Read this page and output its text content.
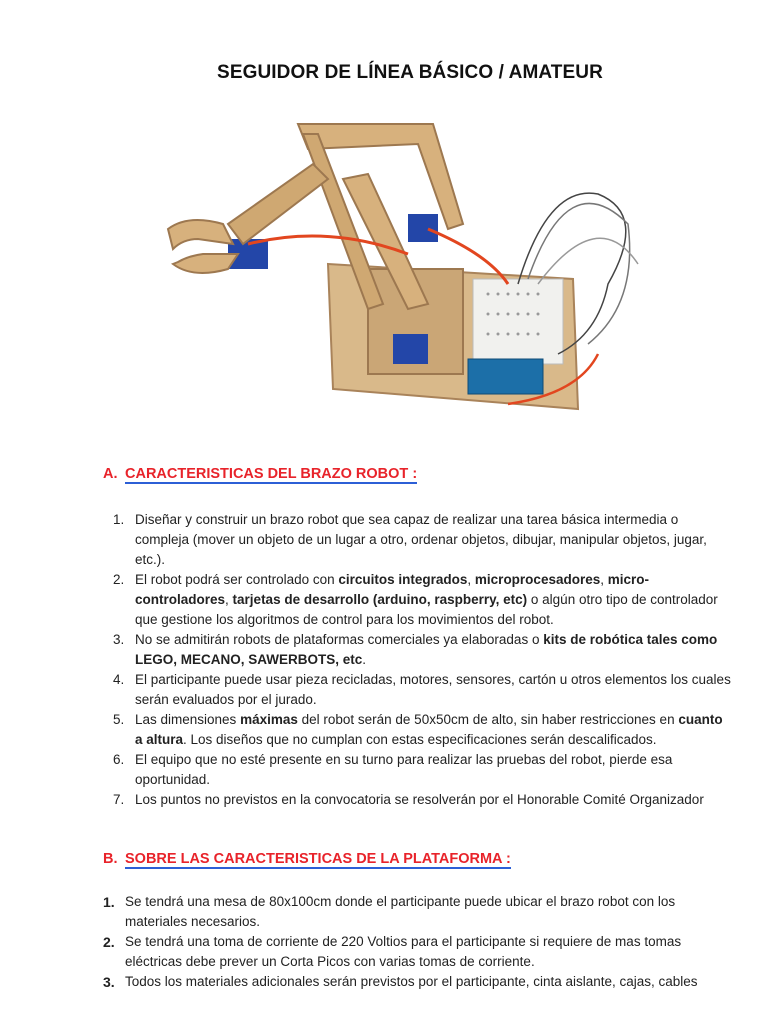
SEGUIDOR DE LÍNEA BÁSICO / AMATEUR
A. CARACTERISTICAS DEL BRAZO ROBOT :
1. Diseñar y construir un brazo robot que sea capaz de realizar una tarea básica intermedia o compleja (mover un objeto de un lugar a otro, ordenar objetos, dibujar, manipular objetos, jugar, etc.).
2. El robot podrá ser controlado con circuitos integrados, microprocesadores, micro-controladores, tarjetas de desarrollo (arduino, raspberry, etc) o algún otro tipo de controlador que gestione los algoritmos de control para los movimientos del robot.
3. No se admitirán robots de plataformas comerciales ya elaboradas o kits de robótica tales como LEGO, MECANO, SAWERBOTS, etc.
4. El participante puede usar pieza recicladas, motores, sensores, cartón u otros elementos los cuales serán evaluados por el jurado.
5. Las dimensiones máximas del robot serán de 50x50cm de alto, sin haber restricciones en cuanto a altura. Los diseños que no cumplan con estas especificaciones serán descalificados.
6. El equipo que no esté presente en su turno para realizar las pruebas del robot, pierde esa oportunidad.
7. Los puntos no previstos en la convocatoria se resolverán por el Honorable Comité Organizador
B. SOBRE LAS CARACTERISTICAS DE LA PLATAFORMA :
1. Se tendrá una mesa de 80x100cm donde el participante puede ubicar el brazo robot con los materiales necesarios.
2. Se tendrá una toma de corriente de 220 Voltios para el participante si requiere de mas tomas eléctricas debe prever un Corta Picos con varias tomas de corriente.
3. Todos los materiales adicionales serán previstos por el participante, cinta aislante, cajas, cables
